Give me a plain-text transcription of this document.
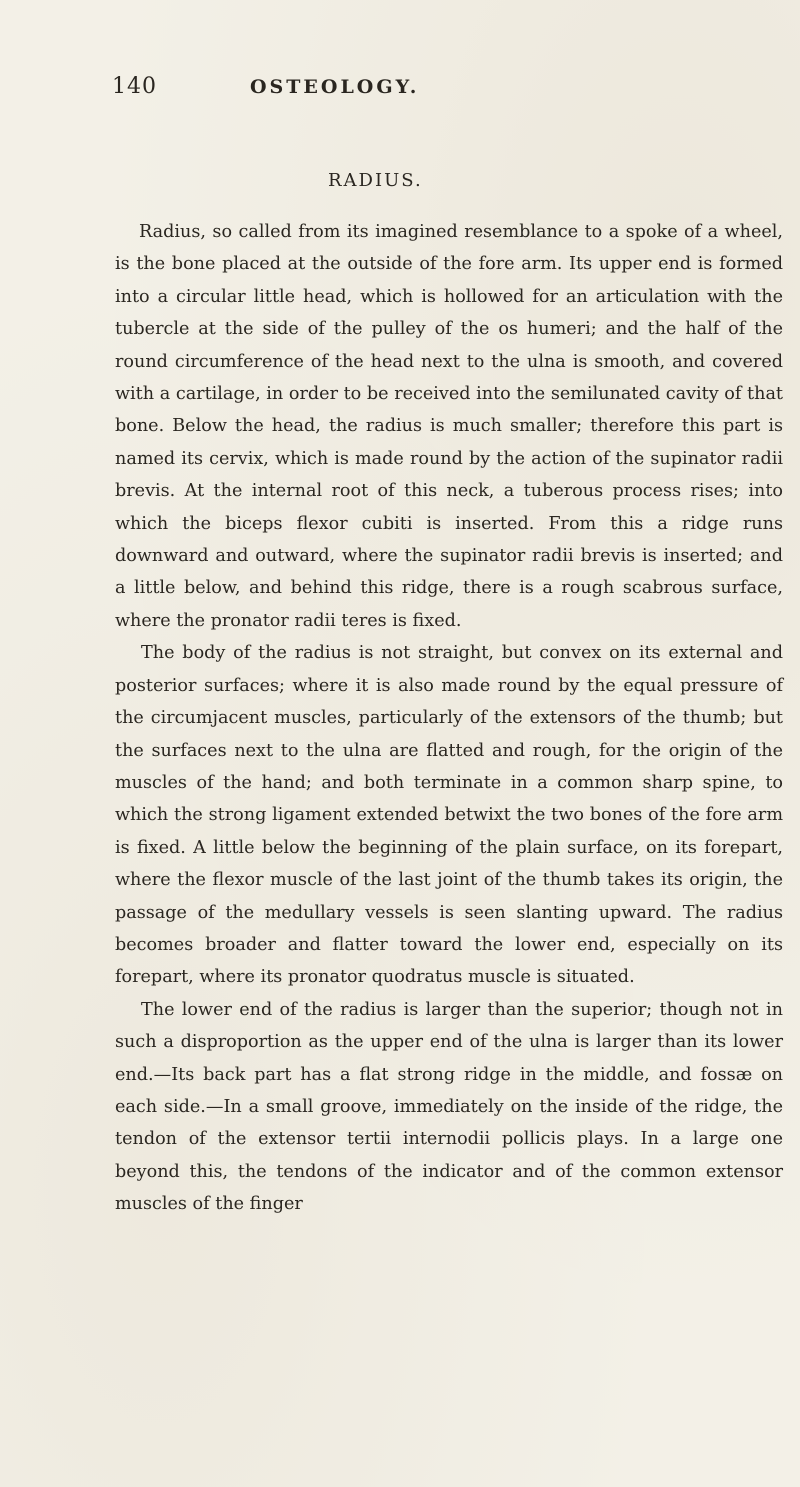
140	OSTEOLOGY.
RADIUS.

Radius, so called from its imagined resemblance to a spoke of a wheel, is the bone placed at the outside of the fore arm. Its upper end is formed into a circular little head, which is hollowed for an articulation with the tubercle at the side of the pulley of the os humeri; and the half of the round circumference of the head next to the ulna is smooth, and covered with a cartilage, in order to be received into the semilunated cavity of that bone. Below the head, the radius is much smaller; therefore this part is named its cervix, which is made round by the action of the supinator radii brevis. At the internal root of this neck, a tuberous process rises; into which the biceps flexor cubiti is inserted. From this a ridge runs downward and outward, where the supinator radii brevis is inserted; and a little below, and behind this ridge, there is a rough scabrous surface, where the pronator radii teres is fixed.

The body of the radius is not straight, but convex on its external and posterior surfaces; where it is also made round by the equal pressure of the circumjacent muscles, particularly of the extensors of the thumb; but the surfaces next to the ulna are flatted and rough, for the origin of the muscles of the hand; and both terminate in a common sharp spine, to which the strong ligament extended betwixt the two bones of the fore arm is fixed. A little below the beginning of the plain surface, on its forepart, where the flexor muscle of the last joint of the thumb takes its origin, the passage of the medullary vessels is seen slanting upward. The radius becomes broader and flatter toward the lower end, especially on its forepart, where its pronator quodratus muscle is situated.

The lower end of the radius is larger than the superior; though not in such a disproportion as the upper end of the ulna is larger than its lower end.—Its back part has a flat strong ridge in the middle, and fossæ on each side.—In a small groove, immediately on the inside of the ridge, the tendon of the extensor tertii internodii pollicis plays. In a large one beyond this, the tendons of the indicator and of the common extensor muscles of the finger
